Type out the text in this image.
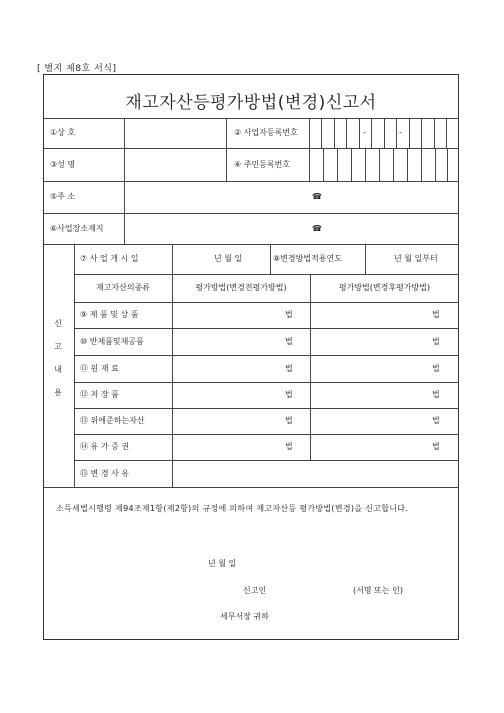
[ 별지 제8호 서식]
재고자산등평가방법(변경)신고서
①상 호	② 사업자등록번호	-	-
③성 명	④ 주민등록번호
⑤주 소	☎
⑥사업장소재지	☎
신
고
내
용
⑦ 사 업 개 시 일	년 월 일	⑧변경방법적용연도	년 월 일부터
재고자산의종류	평가방법(변경전평가방법)	평가방법(변경후평가방법)
⑨ 제 품 및 상 품	법	법
⑩ 반제품및재공품	법	법
⑪ 원 재 료	법	법
⑫ 저 장 품	법	법
⑬ 위에준하는자산	법	법
⑭ 유 가 증 권	법	법
⑮ 변 경 사 유
소득세법시행령 제94조제1항(제2항)의 규정에 의하여 재고자산등 평가방법(변경)을 신고합니다.
년 월 일
신고인	(서명 또는 인)
세무서장 귀하
